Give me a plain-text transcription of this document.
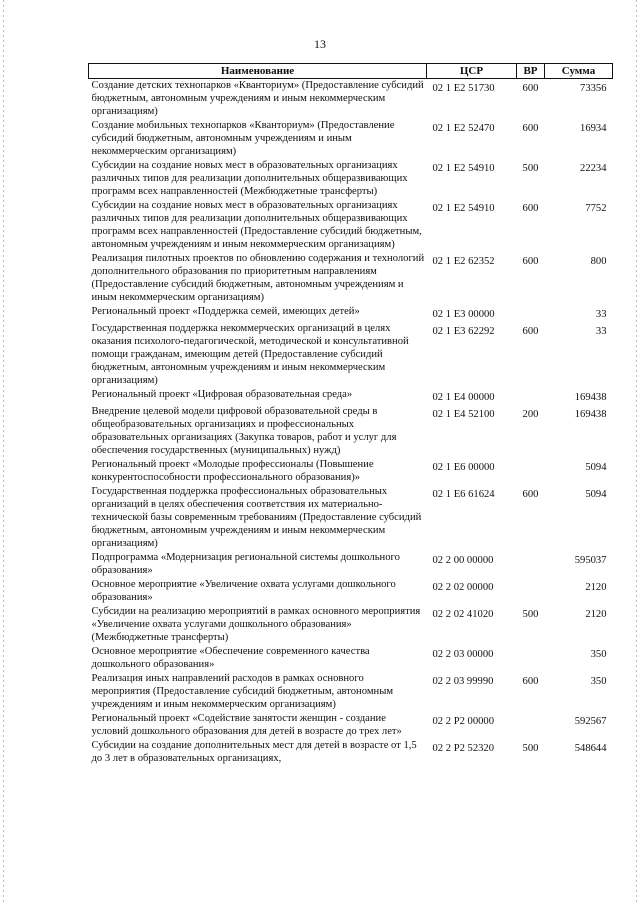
13
Наименование	ЦСР	ВР	Сумма
Создание детских технопарков «Кванториум» (Предоставление субсидий бюджетным, автономным учреждениям и иным некоммерческим организациям)	02 1 E2 51730	600	73356
Создание мобильных технопарков «Кванториум» (Предоставление субсидий бюджетным, автономным учреждениям и иным некоммерческим организациям)	02 1 E2 52470	600	16934
Субсидии на создание новых мест в образовательных организациях различных типов для реализации дополнительных общеразвивающих программ всех направленностей (Межбюджетные трансферты)	02 1 E2 54910	500	22234
Субсидии на создание новых мест в образовательных организациях различных типов для реализации дополнительных общеразвивающих программ всех направленностей (Предоставление субсидий бюджетным, автономным учреждениям и иным некоммерческим организациям)	02 1 E2 54910	600	7752
Реализация пилотных проектов по обновлению содержания и технологий дополнительного образования по приоритетным направлениям (Предоставление субсидий бюджетным, автономным учреждениям и иным некоммерческим организациям)	02 1 E2 62352	600	800
Региональный проект «Поддержка семей, имеющих детей»	02 1 E3 00000		33
Государственная поддержка некоммерческих организаций в целях оказания психолого-педагогической, методической и консультативной помощи гражданам, имеющим детей (Предоставление субсидий бюджетным, автономным учреждениям и иным некоммерческим организациям)	02 1 E3 62292	600	33
Региональный проект «Цифровая образовательная среда»	02 1 E4 00000		169438
Внедрение целевой модели цифровой образовательной среды в общеобразовательных организациях и профессиональных образовательных организациях (Закупка товаров, работ и услуг для обеспечения государственных (муниципальных) нужд)	02 1 E4 52100	200	169438
Региональный проект «Молодые профессионалы (Повышение конкурентоспособности профессионального образования)»	02 1 E6 00000		5094
Государственная поддержка профессиональных образовательных организаций в целях обеспечения соответствия их материально-технической базы современным требованиям (Предоставление субсидий бюджетным, автономным учреждениям и иным некоммерческим организациям)	02 1 E6 61624	600	5094
Подпрограмма «Модернизация региональной системы дошкольного образования»	02 2 00 00000		595037
Основное мероприятие «Увеличение охвата услугами дошкольного образования»	02 2 02 00000		2120
Субсидии на реализацию мероприятий в рамках основного мероприятия «Увеличение охвата услугами дошкольного образования» (Межбюджетные трансферты)	02 2 02 41020	500	2120
Основное мероприятие «Обеспечение современного качества дошкольного образования»	02 2 03 00000		350
Реализация иных направлений расходов в рамках основного мероприятия (Предоставление субсидий бюджетным, автономным учреждениям и иным некоммерческим организациям)	02 2 03 99990	600	350
Региональный проект «Содействие занятости женщин - создание условий дошкольного образования для детей в возрасте до трех лет»	02 2 P2 00000		592567
Субсидии на создание дополнительных мест для детей в возрасте от 1,5 до 3 лет в образовательных организациях,	02 2 P2 52320	500	548644
